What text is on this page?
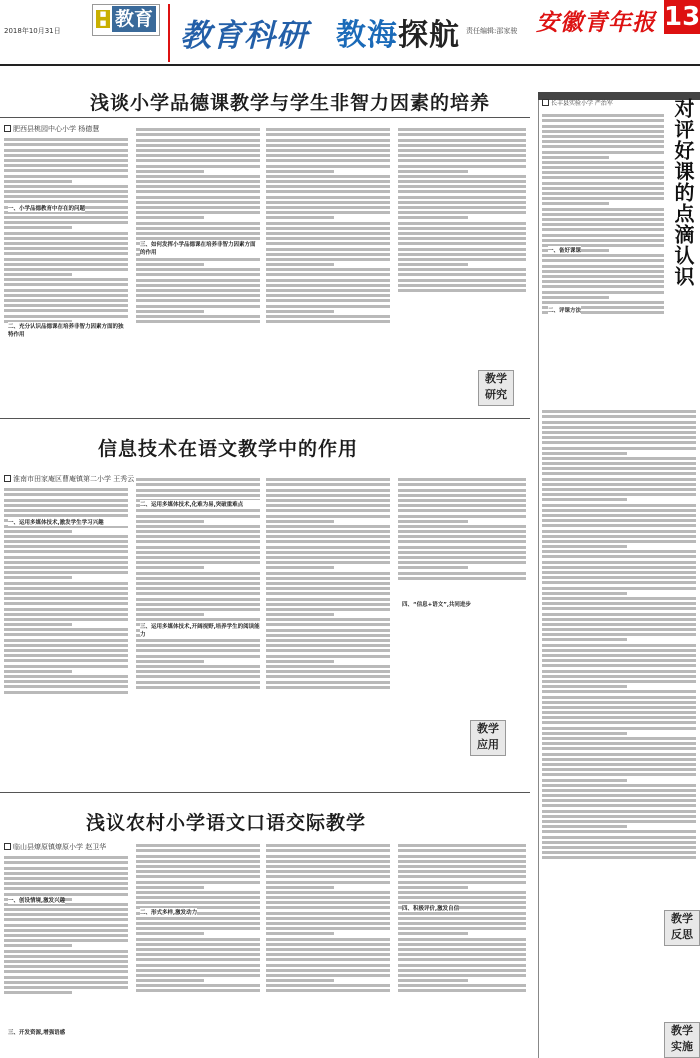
2018年10月31日
■
■ 教育 教育科研 教海探航 责任编辑:邵家骏 安徽青年报 13
浅谈小学品德课教学与学生非智力因素的培养
肥西县桃园中心小学 杨德慧
一、小学品德教育中存在的问题
二、充分认识品德课在培养非智力因素方面的独特作用
三、如何发挥小学品德课在培养非智力因素方面的作用
教学
研究
信息技术在语文教学中的作用
淮南市田家庵区曹庵镇第二小学 王秀云
一、运用多媒体技术,激发学生学习兴趣
二、运用多媒体技术,化难为易,突破重难点
三、运用多媒体技术,开阔视野,培养学生的阅读能力
四、“信息+语文”,共同进步
教学
应用
浅议农村小学语文口语交际教学
临山县燎原镇燎原小学 赵卫华
一、创设情境,激发兴趣
二、形式多样,激发动力
三、开发资源,增强语感
四、积极评价,激发自信
对评好课的点滴认识
长丰县实验小学 严治军
一、备好课课
二、评课方法
教学
反思
教学
实施
